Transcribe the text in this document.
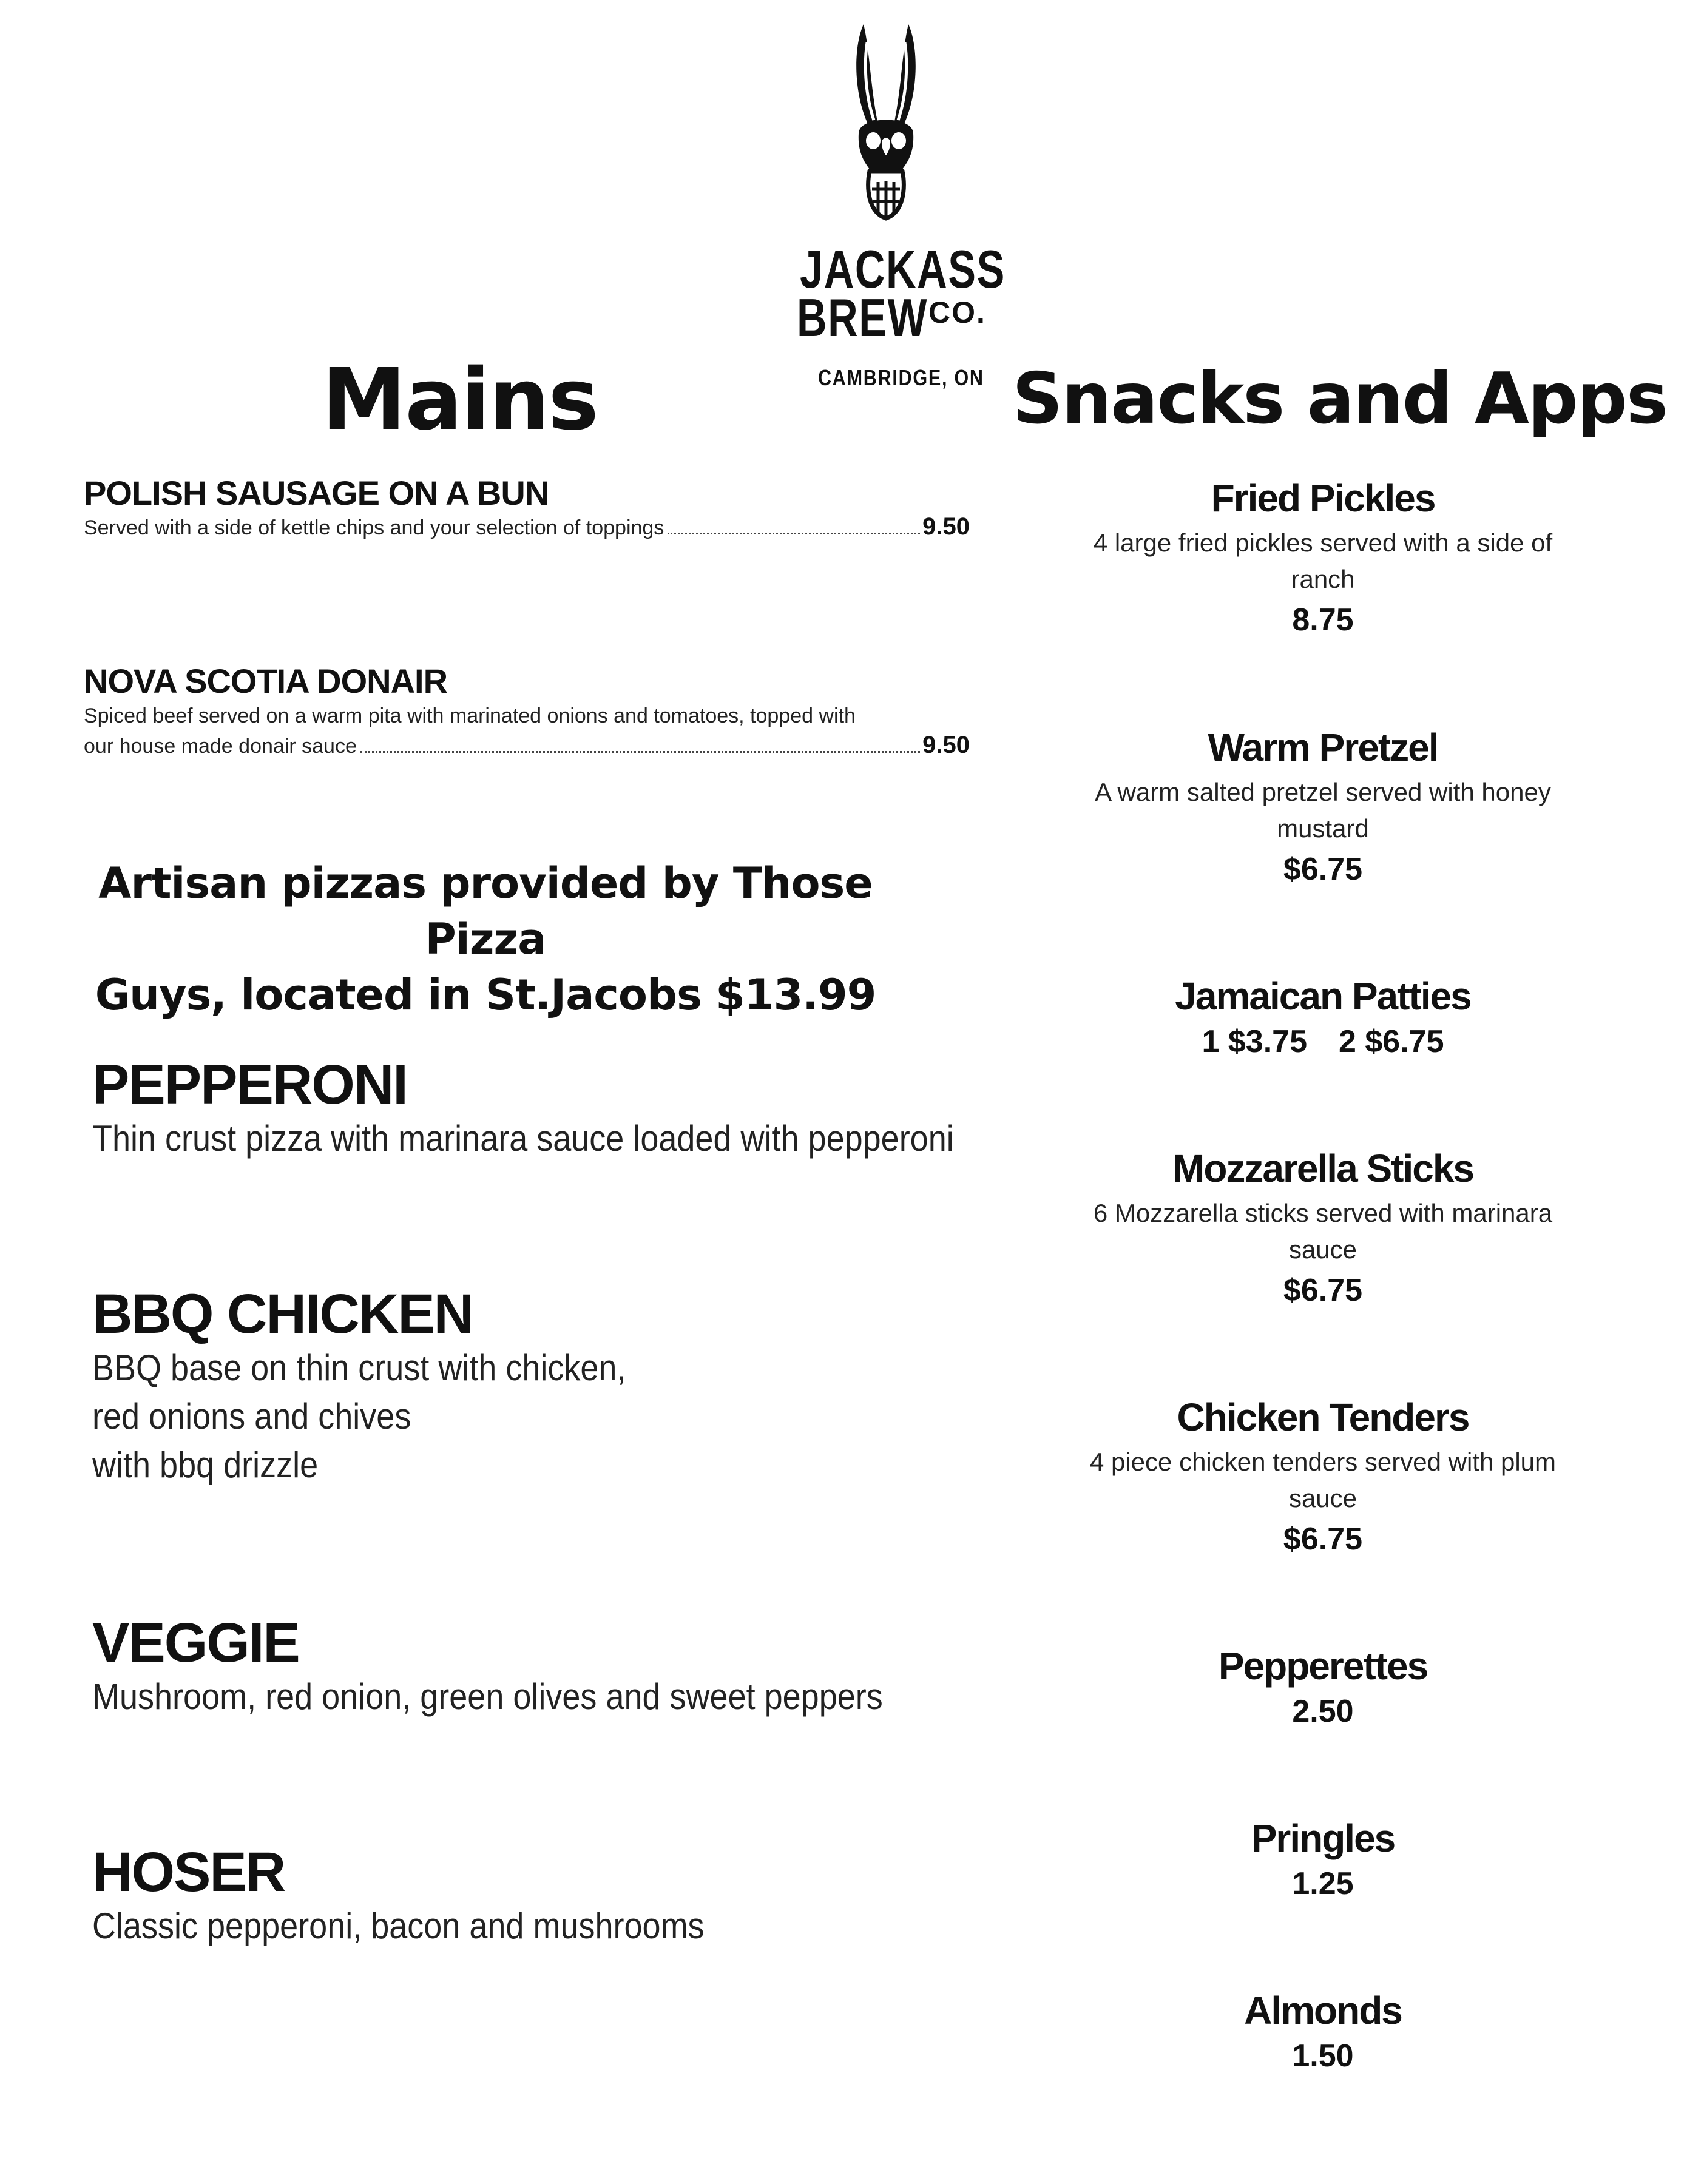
JACKASS
BREW CO.
CAMBRIDGE, ON
Mains
POLISH SAUSAGE ON A BUN
Served with a side of kettle chips and your selection of toppings	9.50
NOVA SCOTIA DONAIR
Spiced beef served on a warm pita with marinated onions and tomatoes, topped with
our house made donair sauce	9.50
Artisan pizzas provided by Those Pizza
Guys, located in St.Jacobs $13.99
PEPPERONI
Thin crust pizza with marinara sauce loaded with pepperoni
BBQ CHICKEN
BBQ base on thin crust with chicken,
red onions and chives
with bbq drizzle
VEGGIE
Mushroom, red onion, green olives and sweet peppers
HOSER
Classic pepperoni, bacon and mushrooms
Snacks and Apps
Fried Pickles
4 large fried pickles served with a side of ranch
8.75
Warm Pretzel
A warm salted pretzel served with honey mustard
$6.75
Jamaican Patties
1 $3.75 2 $6.75
Mozzarella Sticks
6 Mozzarella sticks served with marinara sauce
$6.75
Chicken Tenders
4 piece chicken tenders served with plum sauce
$6.75
Pepperettes
2.50
Pringles
1.25
Almonds
1.50
